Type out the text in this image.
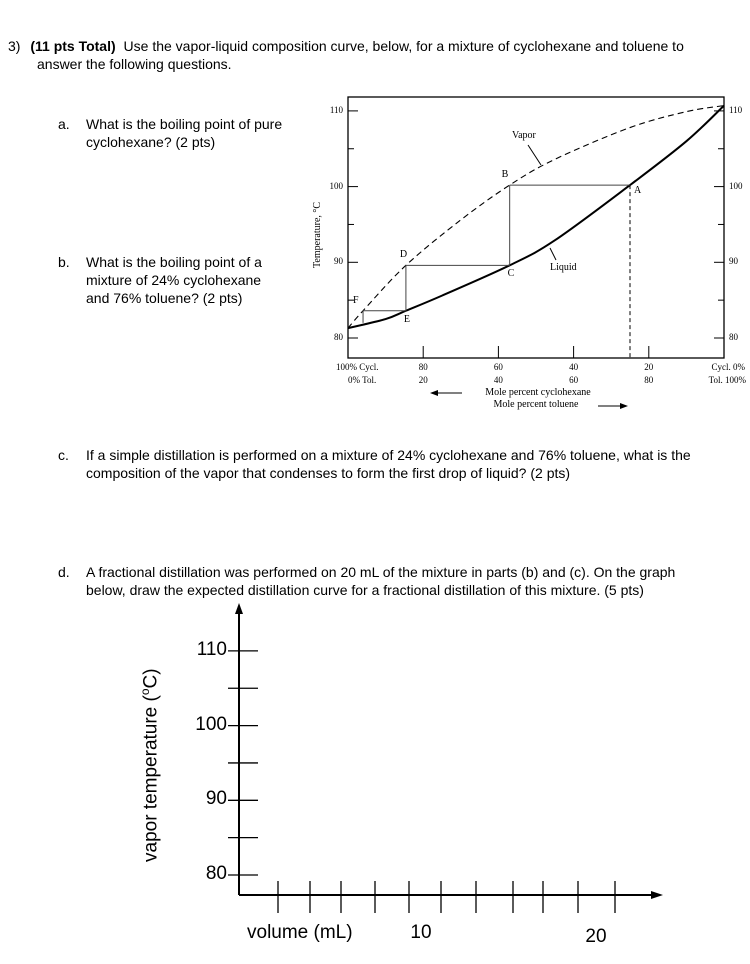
3) (11 pts Total) Use the vapor-liquid composition curve, below, for a mixture of cyclohexane and toluene to
answer the following questions.
a. What is the boiling point of pure
cyclohexane? (2 pts)
b. What is the boiling point of a
mixture of 24% cyclohexane
and 76% toluene? (2 pts)
c. If a simple distillation is performed on a mixture of 24% cyclohexane and 76% toluene, what is the
composition of the vapor that condenses to form the first drop of liquid? (2 pts)
d. A fractional distillation was performed on 20 mL of the mixture in parts (b) and (c). On the graph
below, draw the expected distillation curve for a fractional distillation of this mixture. (5 pts)
Temperature, °C
110	110
100	100
90	90
80	80
80
20
60
40
40
60
20
80
100% Cycl.
0% Tol.
Cycl. 0%
Tol. 100%
Mole percent cyclohexane
Mole percent toluene
A
B
C
D
E
F
Vapor
Liquid
vapor temperature ($^o$C)
110
100
90
80
volume (mL)	10	20
